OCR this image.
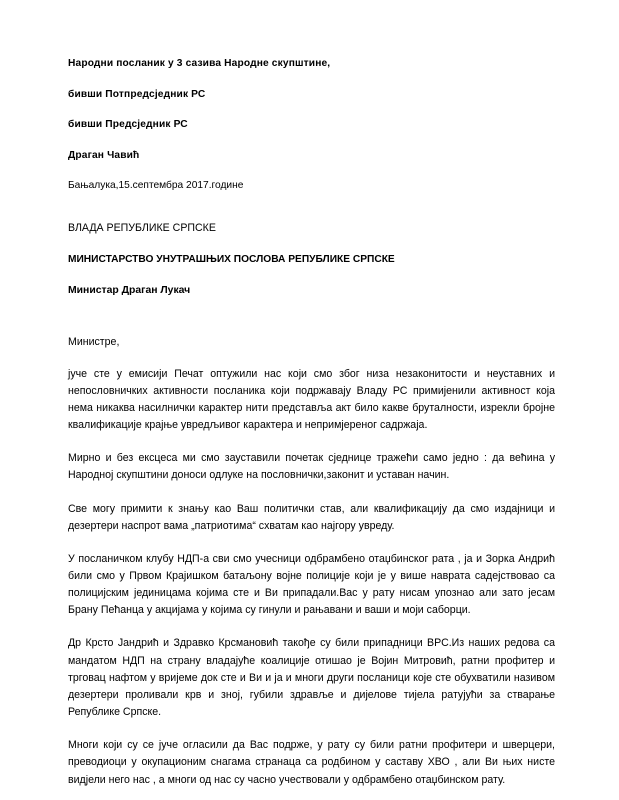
Народни посланик у 3 сазива Народне скупштине,
бивши Потпредсједник РС
бивши Предсједник РС
Драган Чавић
Бањалука,15.септембра 2017.године
ВЛАДА РЕПУБЛИКЕ СРПСКЕ
МИНИСТАРСТВО УНУТРАШЊИХ ПОСЛОВА РЕПУБЛИКЕ СРПСКЕ
Министар Драган Лукач
Министре,

јуче сте у емисији Печат оптужили нас који смо због низа незаконитости и неуставних и непословничких активности посланика који подржавају Владу РС примијенили активност која нема никаква насилнички карактер нити представља акт било какве бруталности, изрекли бројне квалификације крајње увредљивог карактера и непримјереног садржаја.

Мирно и без ексцеса ми смо зауставили почетак сједнице тражећи само једно : да већина у Народној скупштини доноси одлуке на пословнички,законит и уставан начин.

Све могу примити к знању као Ваш политички став, али квалификацију да смо издајници и дезертери наспрот вама „патриотима“ схватам као најгору увреду.

У посланичком клубу НДП-а сви смо учесници одбрамбено отаџбинског рата , ја и Зорка Андрић били смо у Првом Крајишком батаљону војне полиције који је у више наврата садејствовао са полицијским јединицама којима сте и Ви припадали.Вас у рату нисам упознао али зато јесам Брану Пећанца у акцијама у којима су гинули и рањавани и ваши и моји саборци.

Др Крсто Јандрић и Здравко Крсмановић такође су били припадници ВРС.Из наших редова са мандатом НДП на страну владајуће коалиције отишао је Војин Митровић, ратни профитер и трговац нафтом у вријеме док сте и Ви и ја и многи други посланици које сте обухватили називом дезертери проливали крв и зној, губили здравље и дијелове тијела ратујући за стварање Републике Српске.

Многи који су се јуче огласили да Вас подрже, у рату су били ратни профитери и шверцери, преводиоци у окупационим снагама странаца са родбином у саставу ХВО , али Ви њих нисте видјели него нас , а многи од нас су часно учествовали у одбрамбено отаџбинском рату.
